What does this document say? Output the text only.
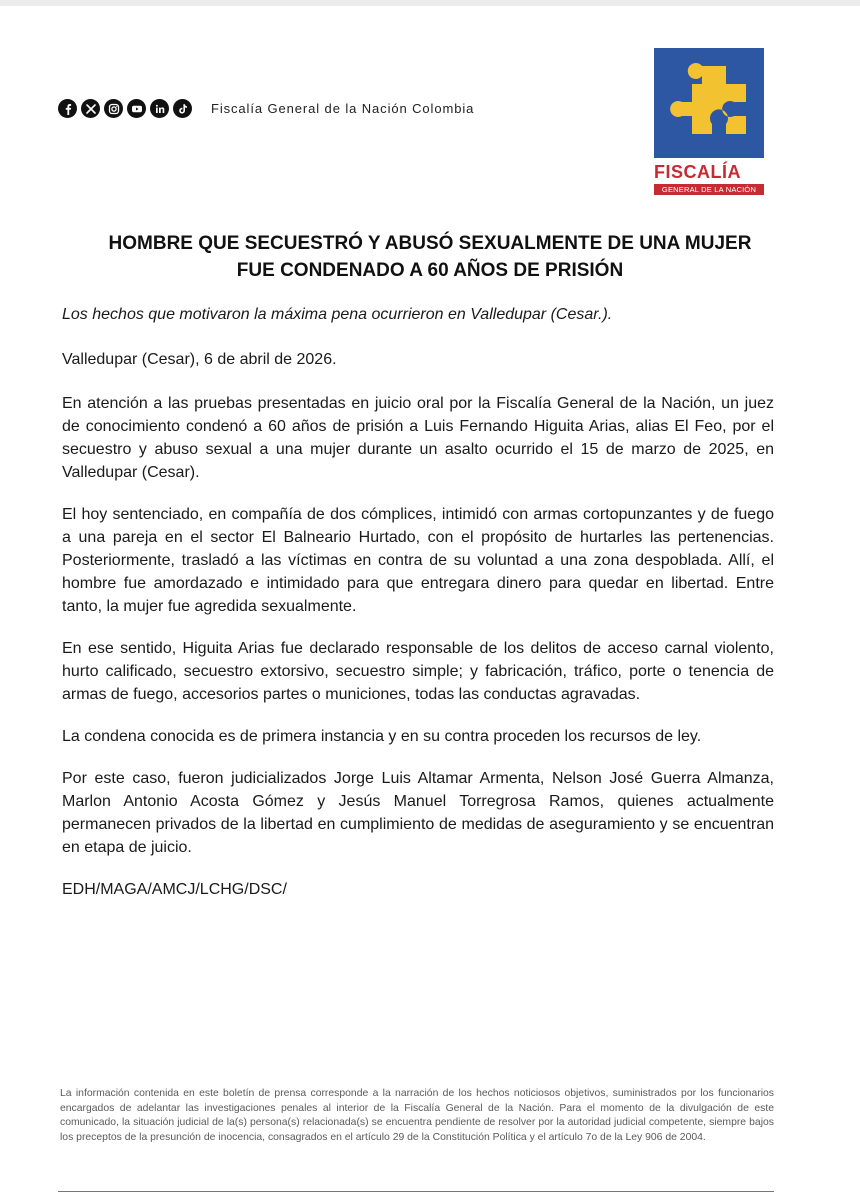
Fiscalía General de la Nación Colombia
FISCALÍA
GENERAL DE LA NACIÓN
HOMBRE QUE SECUESTRÓ Y ABUSÓ SEXUALMENTE DE UNA MUJER
FUE CONDENADO A 60 AÑOS DE PRISIÓN

Los hechos que motivaron la máxima pena ocurrieron en Valledupar (Cesar.).

Valledupar (Cesar), 6 de abril de 2026.

En atención a las pruebas presentadas en juicio oral por la Fiscalía General de la Nación, un juez de conocimiento condenó a 60 años de prisión a Luis Fernando Higuita Arias, alias El Feo, por el secuestro y abuso sexual a una mujer durante un asalto ocurrido el 15 de marzo de 2025, en Valledupar (Cesar).

El hoy sentenciado, en compañía de dos cómplices, intimidó con armas cortopunzantes y de fuego a una pareja en el sector El Balneario Hurtado, con el propósito de hurtarles las pertenencias. Posteriormente, trasladó a las víctimas en contra de su voluntad a una zona despoblada. Allí, el hombre fue amordazado e intimidado para que entregara dinero para quedar en libertad. Entre tanto, la mujer fue agredida sexualmente.

En ese sentido, Higuita Arias fue declarado responsable de los delitos de acceso carnal violento, hurto calificado, secuestro extorsivo, secuestro simple; y fabricación, tráfico, porte o tenencia de armas de fuego, accesorios partes o municiones, todas las conductas agravadas.

La condena conocida es de primera instancia y en su contra proceden los recursos de ley.

Por este caso, fueron judicializados Jorge Luis Altamar Armenta, Nelson José Guerra Almanza, Marlon Antonio Acosta Gómez y Jesús Manuel Torregrosa Ramos, quienes actualmente permanecen privados de la libertad en cumplimiento de medidas de aseguramiento y se encuentran en etapa de juicio.

EDH/MAGA/AMCJ/LCHG/DSC/

La información contenida en este boletín de prensa corresponde a la narración de los hechos noticiosos objetivos, suministrados por los funcionarios encargados de adelantar las investigaciones penales al interior de la Fiscalía General de la Nación. Para el momento de la divulgación de este comunicado, la situación judicial de la(s) persona(s) relacionada(s) se encuentra pendiente de resolver por la autoridad judicial competente, siempre bajos los preceptos de la presunción de inocencia, consagrados en el artículo 29 de la Constitución Política y el artículo 7o de la Ley 906 de 2004.
